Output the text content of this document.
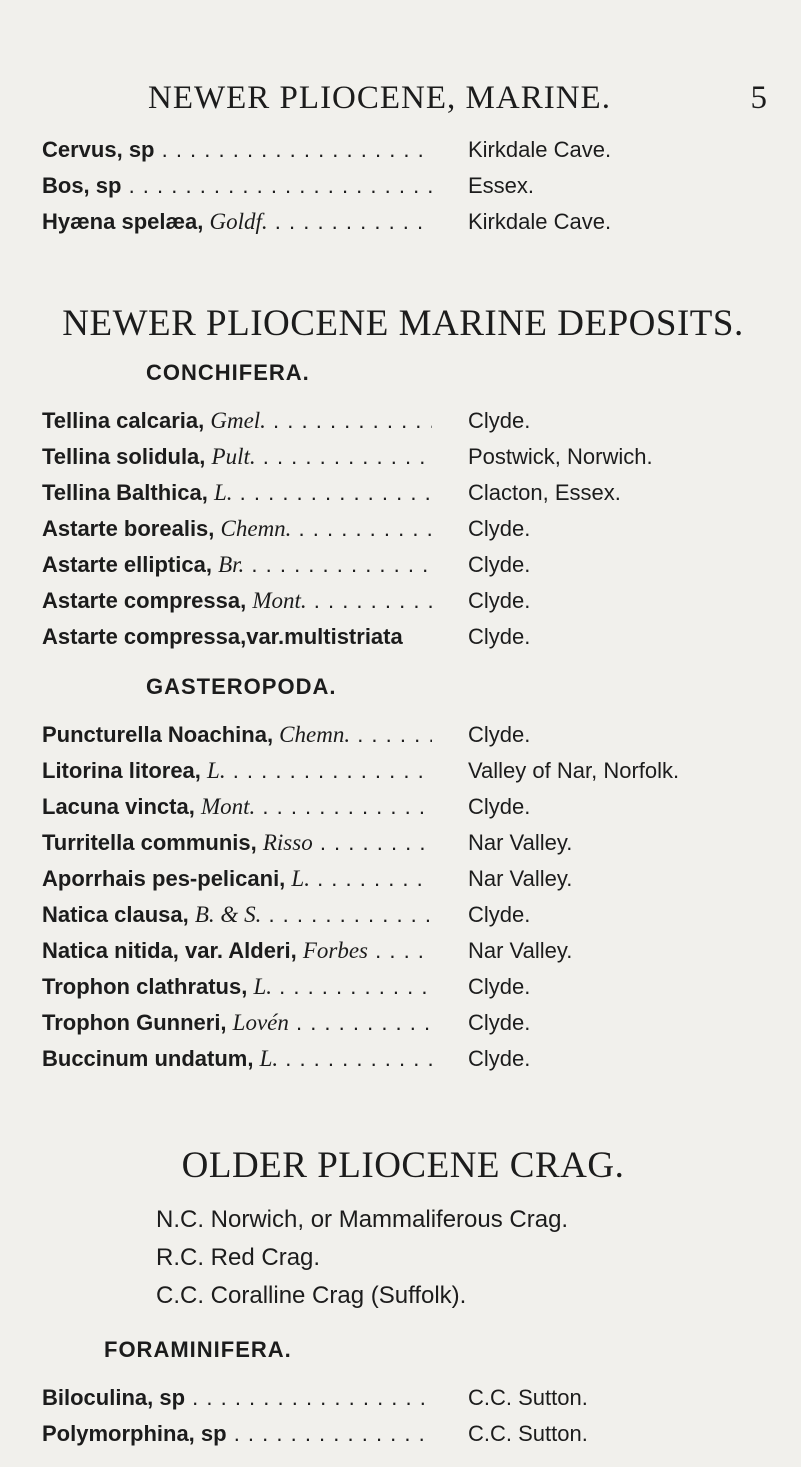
NEWER PLIOCENE, MARINE.	5
Cervus, sp . . .	Kirkdale Cave.
Bos, sp . . .	Essex.
Hyæna spelæa, Goldf. . . .	Kirkdale Cave.
NEWER PLIOCENE MARINE DEPOSITS.
CONCHIFERA.
Tellina calcaria, Gmel. . . .	Clyde.
Tellina solidula, Pult. . . .	Postwick, Norwich.
Tellina Balthica, L. . . .	Clacton, Essex.
Astarte borealis, Chemn. . . .	Clyde.
Astarte elliptica, Br. . . .	Clyde.
Astarte compressa, Mont. . . .	Clyde.
Astarte compressa,var.multistriata	Clyde.
GASTEROPODA.
Puncturella Noachina, Chemn. . . .	Clyde.
Litorina litorea, L. . . .	Valley of Nar, Norfolk.
Lacuna vincta, Mont. . . .	Clyde.
Turritella communis, Risso . . .	Nar Valley.
Aporrhais pes-pelicani, L. . . .	Nar Valley.
Natica clausa, B. & S. . . .	Clyde.
Natica nitida, var. Alderi, Forbes . . .	Nar Valley.
Trophon clathratus, L. . . .	Clyde.
Trophon Gunneri, Lovén . . .	Clyde.
Buccinum undatum, L. . . .	Clyde.
OLDER PLIOCENE CRAG.
N.C. Norwich, or Mammaliferous Crag.
R.C. Red Crag.
C.C. Coralline Crag (Suffolk).
FORAMINIFERA.
Biloculina, sp . . .	C.C. Sutton.
Polymorphina, sp . . .	C.C. Sutton.
